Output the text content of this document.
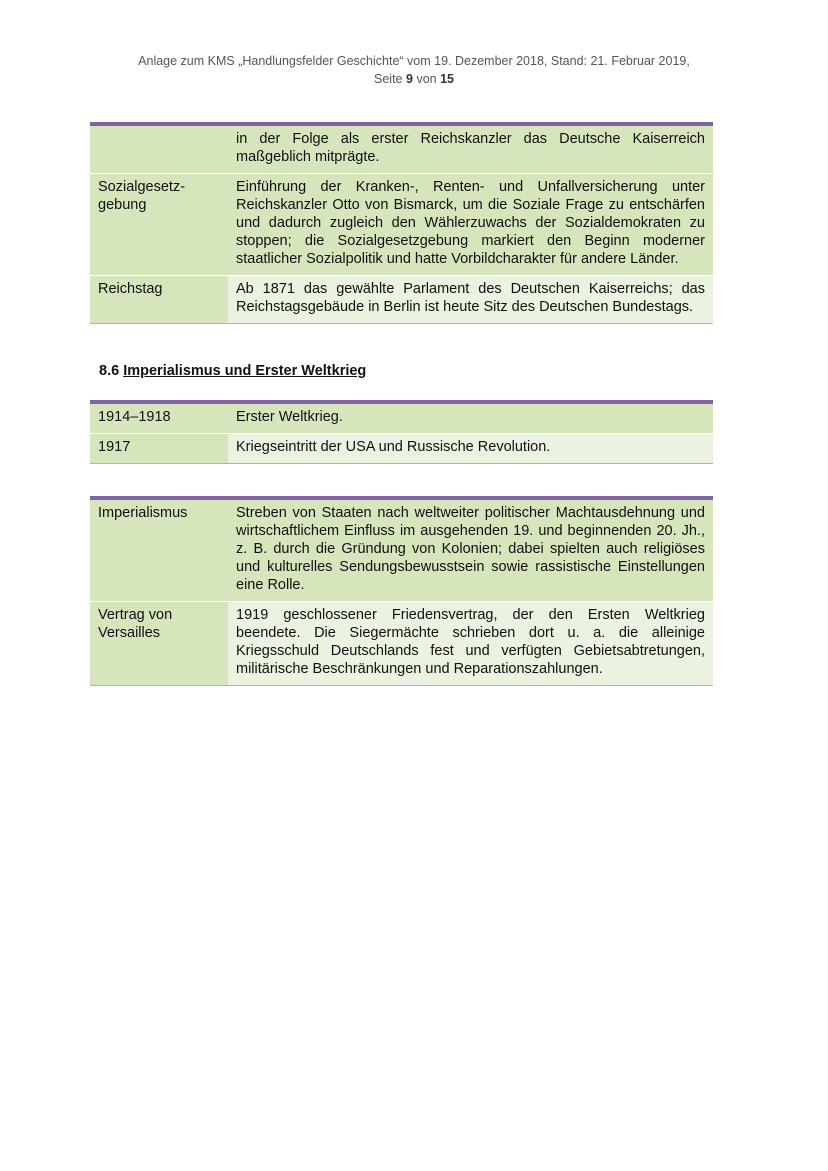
Anlage zum KMS „Handlungsfelder Geschichte“ vom 19. Dezember 2018, Stand: 21. Februar 2019,
Seite 9 von 15
	in der Folge als erster Reichskanzler das Deutsche Kaiserreich maßgeblich mitprägte.
Sozialgesetz-gebung	Einführung der Kranken-, Renten- und Unfallversicherung unter Reichskanzler Otto von Bismarck, um die Soziale Frage zu entschärfen und dadurch zugleich den Wählerzuwachs der Sozialdemokraten zu stoppen; die Sozialgesetzgebung markiert den Beginn moderner staatlicher Sozialpolitik und hatte Vorbildcharakter für andere Länder.
Reichstag	Ab 1871 das gewählte Parlament des Deutschen Kaiserreichs; das Reichstagsgebäude in Berlin ist heute Sitz des Deutschen Bundestags.
8.6 Imperialismus und Erster Weltkrieg
1914–1918	Erster Weltkrieg.
1917	Kriegseintritt der USA und Russische Revolution.
Imperialismus	Streben von Staaten nach weltweiter politischer Machtausdehnung und wirtschaftlichem Einfluss im ausgehenden 19. und beginnenden 20. Jh., z. B. durch die Gründung von Kolonien; dabei spielten auch religiöses und kulturelles Sendungsbewusstsein sowie rassistische Einstellungen eine Rolle.
Vertrag von Versailles	1919 geschlossener Friedensvertrag, der den Ersten Weltkrieg beendete. Die Siegermächte schrieben dort u. a. die alleinige Kriegsschuld Deutschlands fest und verfügten Gebietsabtretungen, militärische Beschränkungen und Reparationszahlungen.
